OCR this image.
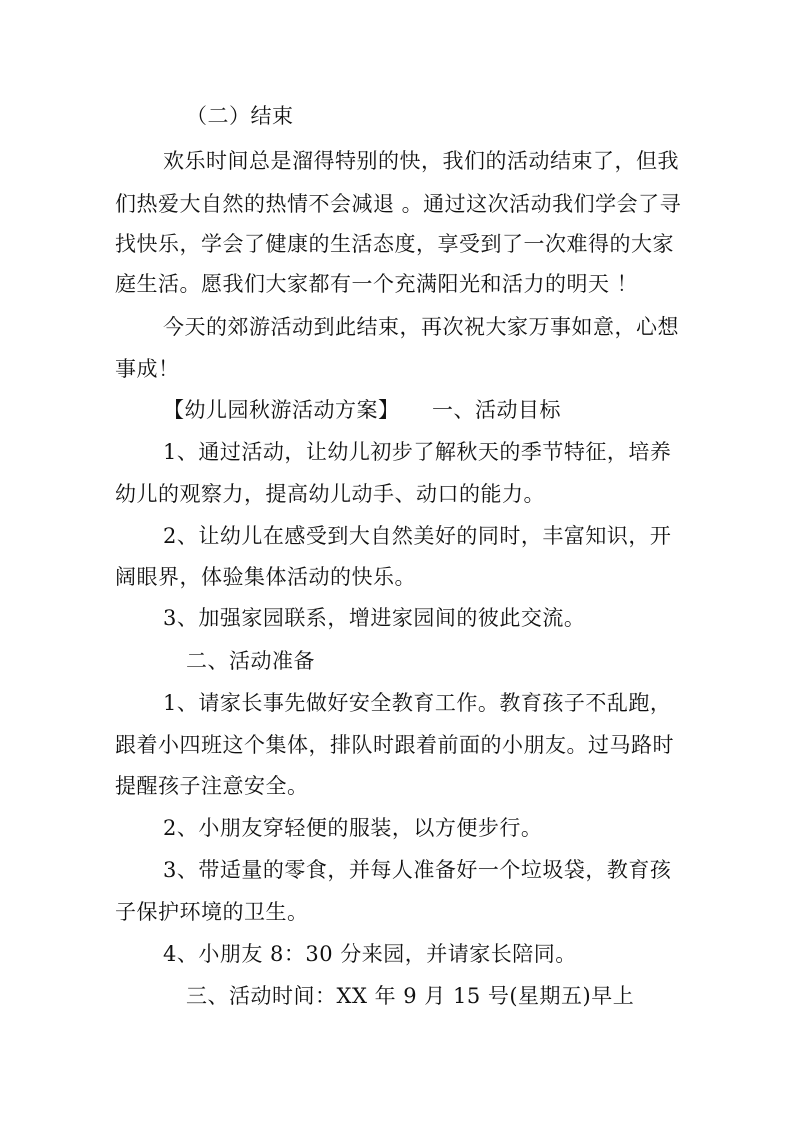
（二）结束
欢乐时间总是溜得特别的快，我们的活动结束了，但我
们热爱大自然的热情不会减退 。通过这次活动我们学会了寻
找快乐，学会了健康的生活态度，享受到了一次难得的大家
庭生活。愿我们大家都有一个充满阳光和活力的明天 ！
今天的郊游活动到此结束，再次祝大家万事如意，心想
事成！
【幼儿园秋游活动方案】　　一、活动目标
1、通过活动，让幼儿初步了解秋天的季节特征，培养
幼儿的观察力，提高幼儿动手、动口的能力。
2、让幼儿在感受到大自然美好的同时，丰富知识，开
阔眼界，体验集体活动的快乐。
3、加强家园联系，增进家园间的彼此交流。
二、活动准备
1、请家长事先做好安全教育工作。教育孩子不乱跑，
跟着小四班这个集体，排队时跟着前面的小朋友。过马路时
提醒孩子注意安全。
2、小朋友穿轻便的服装，以方便步行。
3、带适量的零食，并每人准备好一个垃圾袋，教育孩
子保护环境的卫生。
4、小朋友 8：30 分来园，并请家长陪同。
三、活动时间：XX 年 9 月 15 号(星期五)早上
